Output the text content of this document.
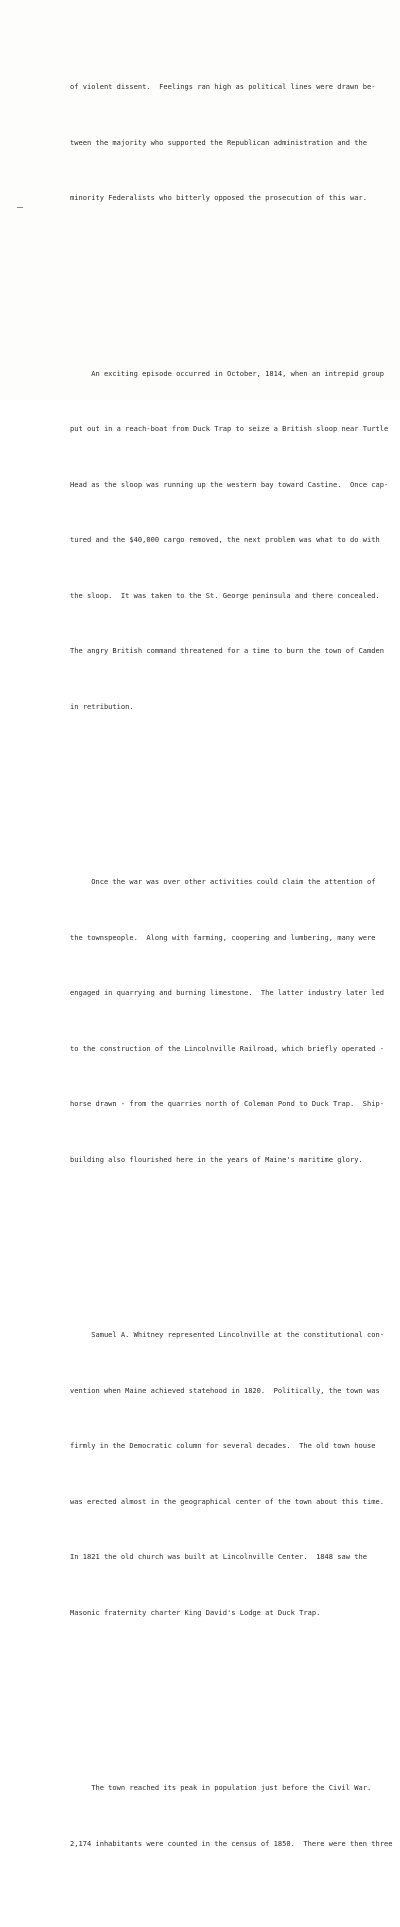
of violent dissent.  Feelings ran high as political lines were drawn be-

tween the majority who supported the Republican administration and the

minority Federalists who bitterly opposed the prosecution of this war.

An exciting episode occurred in October, 1814, when an intrepid group

put out in a reach-boat from Duck Trap to seize a British sloop near Turtle

Head as the sloop was running up the western bay toward Castine.  Once cap-

tured and the $40,000 cargo removed, the next problem was what to do with

the sloop.  It was taken to the St. George peninsula and there concealed.

The angry British command threatened for a time to burn the town of Camden

in retribution.

Once the war was over other activities could claim the attention of

the townspeople.  Along with farming, coopering and lumbering, many were

engaged in quarrying and burning limestone.  The latter industry later led

to the construction of the Lincolnville Railroad, which briefly operated -

horse drawn - from the quarries north of Coleman Pond to Duck Trap.  Ship-

building also flourished here in the years of Maine's maritime glory.

Samuel A. Whitney represented Lincolnville at the constitutional con-

vention when Maine achieved statehood in 1820.  Politically, the town was

firmly in the Democratic column for several decades.  The old town house

was erected almost in the geographical center of the town about this time.

In 1821 the old church was built at Lincolnville Center.  1848 saw the

Masonic fraternity charter King David's Lodge at Duck Trap.

The town reached its peak in population just before the Civil War.

2,174 inhabitants were counted in the census of 1850.  There were then three
